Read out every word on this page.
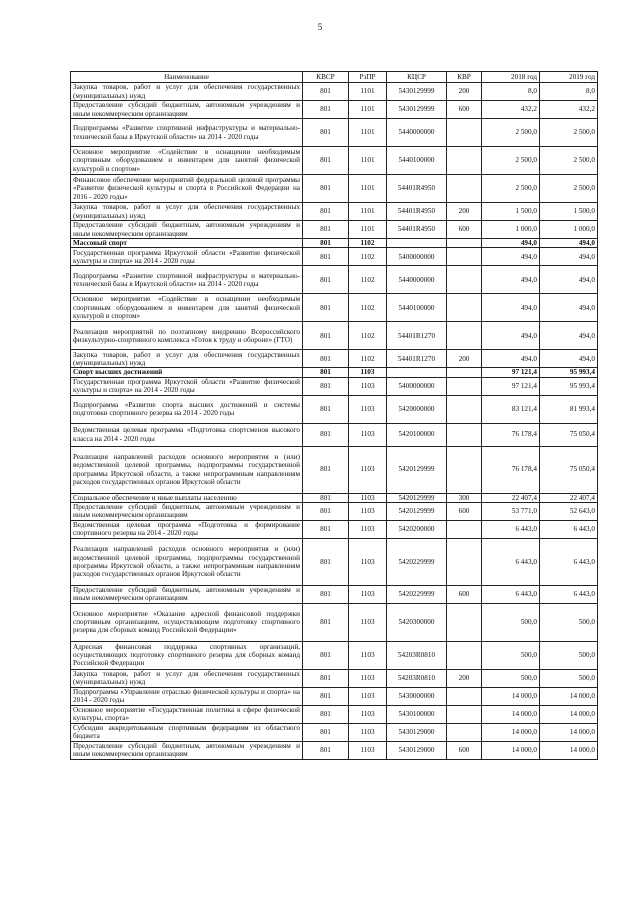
5
Наименование	КВСР	РзПР	КЦСР	КВР	2018 год	2019 год
Закупка товаров, работ и услуг для обеспечения государственных (муниципальных) нужд	801	1101	5430129999	200	8,0	8,0
Предоставление субсидий бюджетным, автономным учреждениям и иным некоммерческим организациям	801	1101	5430129999	600	432,2	432,2
Подпрограмма «Развитие спортивной инфраструктуры и материально- технической базы в Иркутской области» на 2014 - 2020 годы	801	1101	5440000000		2 500,0	2 500,0
Основное мероприятие «Содействие в оснащении необходимым спортивным оборудованием и инвентарем для занятий физической культурой и спортом»	801	1101	5440100000		2 500,0	2 500,0
Финансовое обеспечение мероприятий федеральной целевой программы «Развитие физической культуры и спорта в Российской Федерации на 2016 - 2020 годы»	801	1101	54401R4950		2 500,0	2 500,0
Закупка товаров, работ и услуг для обеспечения государственных (муниципальных) нужд	801	1101	54401R4950	200	1 500,0	1 500,0
Предоставление субсидий бюджетным, автономным учреждениям и иным некоммерческим организациям	801	1101	54401R4950	600	1 000,0	1 000,0
Массовый спорт	801	1102			494,0	494,0
Государственная программа Иркутской области «Развитие физической культуры и спорта» на 2014 - 2020 годы	801	1102	5400000000		494,0	494,0
Подпрограмма «Развитие спортивной инфраструктуры и материально- технической базы в Иркутской области» на 2014 - 2020 годы	801	1102	5440000000		494,0	494,0
Основное мероприятие «Содействие в оснащении необходимым спортивным оборудованием и инвентарем для занятий физической культурой и спортом»	801	1102	5440100000		494,0	494,0
Реализация мероприятий по поэтапному внедрению Всероссийского физкультурно-спортивного комплекса «Готов к труду и обороне» (ГТО)	801	1102	54401R1270		494,0	494,0
Закупка товаров, работ и услуг для обеспечения государственных (муниципальных) нужд	801	1102	54401R1270	200	494,0	494,0
Спорт высших достижений	801	1103			97 121,4	95 993,4
Государственная программа Иркутской области «Развитие физической культуры и спорта» на 2014 - 2020 годы	801	1103	5400000000		97 121,4	95 993,4
Подпрограмма «Развитие спорта высших достижений и системы подготовки спортивного резерва на 2014 - 2020 годы	801	1103	5420000000		83 121,4	81 993,4
Ведомственная целевая программа «Подготовка спортсменов высокого класса на 2014 - 2020 годы	801	1103	5420100000		76 178,4	75 050,4
Реализация направлений расходов основного мероприятия и (или) ведомственной целевой программы, подпрограммы государственной программы Иркутской области, а также непрограммным направлениям расходов государственных органов Иркутской области	801	1103	5420129999		76 178,4	75 050,4
Социальное обеспечение и иные выплаты населению	801	1103	5420129999	300	22 407,4	22 407,4
Предоставление субсидий бюджетным, автономным учреждениям и иным некоммерческим организациям	801	1103	5420129999	600	53 771,0	52 643,0
Ведомственная целевая программа «Подготовка и формирование спортивного резерва на 2014 - 2020 годы	801	1103	5420200000		6 443,0	6 443,0
Реализация направлений расходов основного мероприятия и (или) ведомственной целевой программы, подпрограммы государственной программы Иркутской области, а также непрограммным направлениям расходов государственных органов Иркутской области	801	1103	5420229999		6 443,0	6 443,0
Предоставление субсидий бюджетным, автономным учреждениям и иным некоммерческим организациям	801	1103	5420229999	600	6 443,0	6 443,0
Основное мероприятие «Оказание адресной финансовой поддержки спортивным организациям, осуществляющим подготовку спортивного резерва для сборных команд Российской Федерации»	801	1103	5420300000		500,0	500,0
Адресная финансовая поддержка спортивных организаций, осуществляющих подготовку спортивного резерва для сборных команд Российской Федерации	801	1103	54203R0810		500,0	500,0
Закупка товаров, работ и услуг для обеспечения государственных (муниципальных) нужд	801	1103	54203R0810	200	500,0	500,0
Подпрограмма «Управление отраслью физической культуры и спорта» на 2014 - 2020 годы	801	1103	5430000000		14 000,0	14 000,0
Основное мероприятие «Государственная политика в сфере физической культуры, спорта»	801	1103	5430100000		14 000,0	14 000,0
Субсидии аккредитованным спортивным федерациям из областного бюджета	801	1103	5430129000		14 000,0	14 000,0
Предоставление субсидий бюджетным, автономным учреждениям и иным некоммерческим организациям	801	1103	5430129000	600	14 000,0	14 000,0
